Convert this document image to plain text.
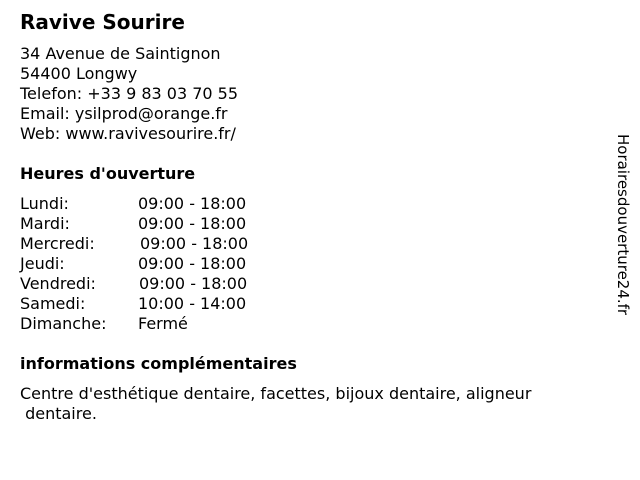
Ravive Sourire
34 Avenue de Saintignon
54400 Longwy
Telefon: +33 9 83 03 70 55
Email: ysilprod@orange.fr
Web: www.ravivesourire.fr/
Heures d'ouverture
Lundi:	09:00 - 18:00
Mardi:	09:00 - 18:00
Mercredi:	09:00 - 18:00
Jeudi:	09:00 - 18:00
Vendredi:	09:00 - 18:00
Samedi:	10:00 - 14:00
Dimanche: Fermé
informations complémentaires
Centre d'esthétique dentaire, facettes, bijoux dentaire, aligneur
dentaire.
Horairesdouverture24.fr
